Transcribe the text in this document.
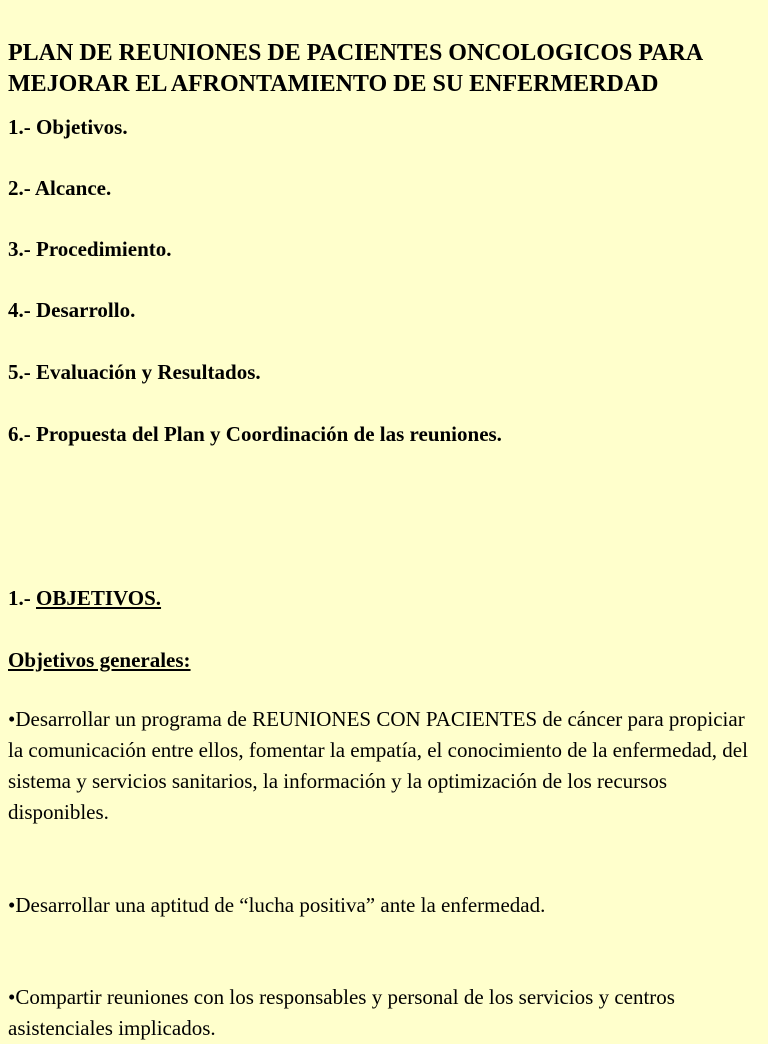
PLAN DE REUNIONES DE PACIENTES ONCOLOGICOS PARA
MEJORAR EL AFRONTAMIENTO DE SU ENFERMERDAD
1.- Objetivos.
2.- Alcance.
3.- Procedimiento.
4.- Desarrollo.
5.- Evaluación y Resultados.
6.- Propuesta del Plan y Coordinación de las reuniones.
1.- OBJETIVOS.
Objetivos generales:
•Desarrollar un programa de REUNIONES CON PACIENTES de cáncer para propiciar la comunicación entre ellos, fomentar la empatía, el conocimiento de la enfermedad, del sistema y servicios sanitarios, la información y la optimización de los recursos disponibles.
•Desarrollar una aptitud de “lucha positiva” ante la enfermedad.
•Compartir reuniones con los responsables y personal de los servicios y centros asistenciales implicados.
